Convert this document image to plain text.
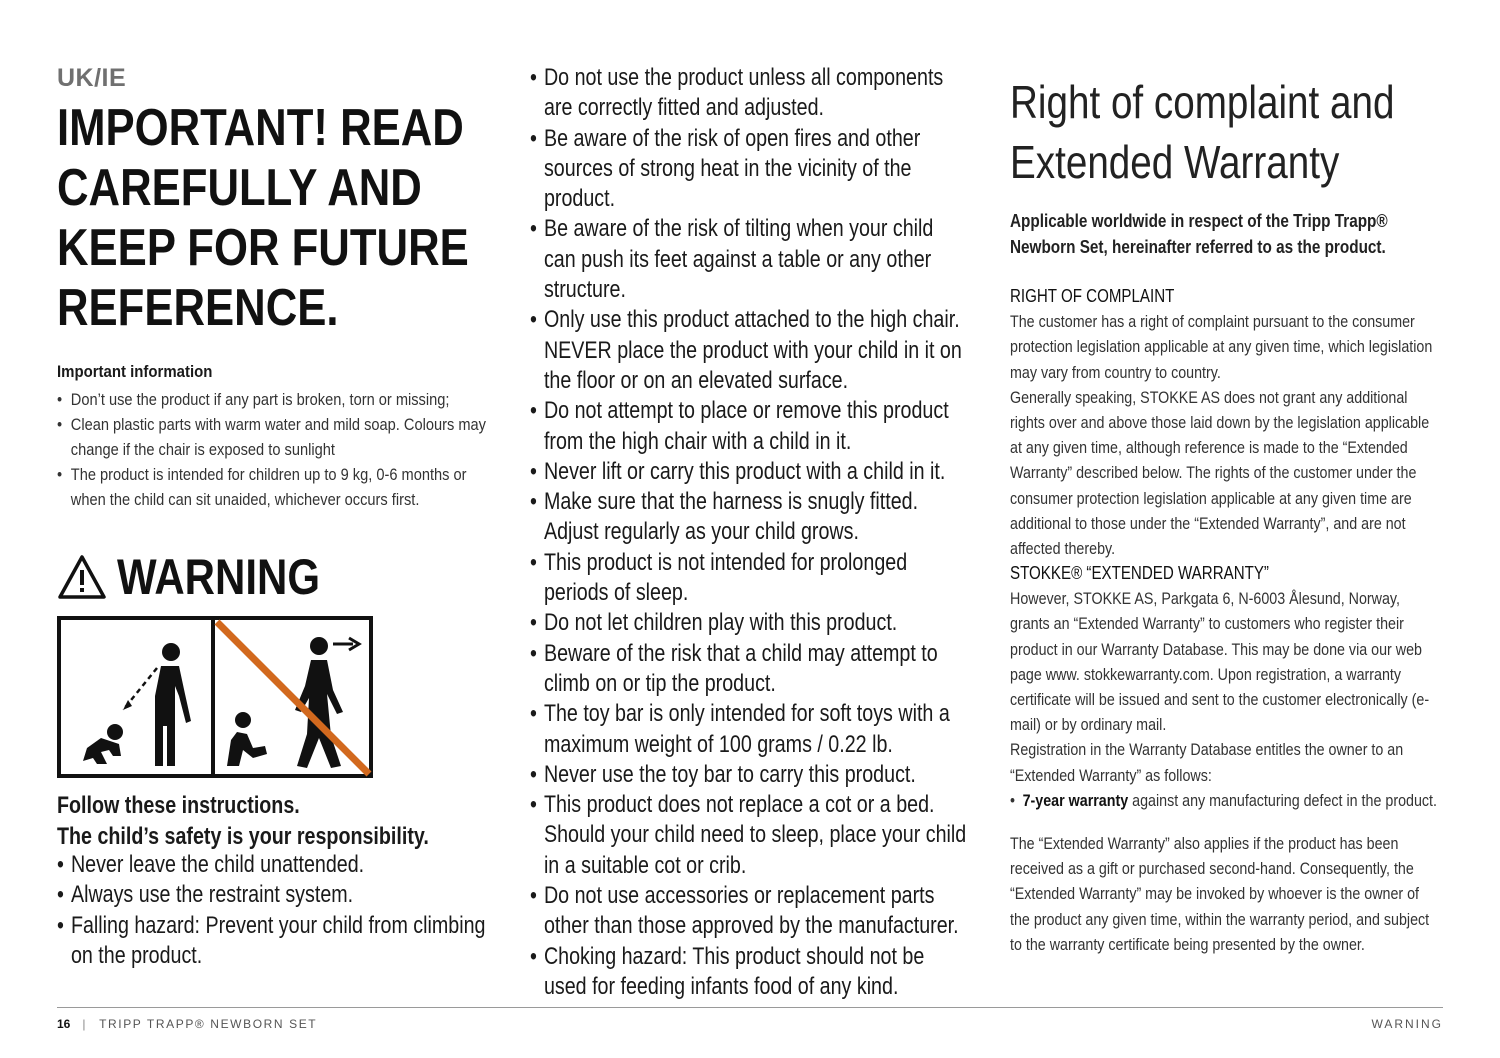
UK/IE
IMPORTANT! READ
CAREFULLY AND
KEEP FOR FUTURE
REFERENCE.
Important information
• Don’t use the product if any part is broken, torn or missing;
• Clean plastic parts with warm water and mild soap. Colours may change if the chair is exposed to sunlight
• The product is intended for children up to 9 kg, 0-6 months or when the child can sit unaided, whichever occurs first.
WARNING
Follow these instructions.
The child’s safety is your responsibility.
• Never leave the child unattended.
• Always use the restraint system.
• Falling hazard: Prevent your child from climbing on the product.
• Do not use the product unless all components are correctly fitted and adjusted.
• Be aware of the risk of open fires and other sources of strong heat in the vicinity of the product.
• Be aware of the risk of tilting when your child can push its feet against a table or any other structure.
• Only use this product attached to the high chair. NEVER place the product with your child in it on the floor or on an elevated surface.
• Do not attempt to place or remove this product from the high chair with a child in it.
• Never lift or carry this product with a child in it.
• Make sure that the harness is snugly fitted. Adjust regularly as your child grows.
• This product is not intended for prolonged periods of sleep.
• Do not let children play with this product.
• Beware of the risk that a child may attempt to climb on or tip the product.
• The toy bar is only intended for soft toys with a maximum weight of 100 grams / 0.22 lb.
• Never use the toy bar to carry this product.
• This product does not replace a cot or a bed. Should your child need to sleep, place your child in a suitable cot or crib.
• Do not use accessories or replacement parts other than those approved by the manufacturer.
• Choking hazard: This product should not be used for feeding infants food of any kind.
Right of complaint and
Extended Warranty

Applicable worldwide in respect of the Tripp Trapp® Newborn Set, hereinafter referred to as the product.

RIGHT OF COMPLAINT

The customer has a right of complaint pursuant to the consumer protection legislation applicable at any given time, which legislation may vary from country to country.

Generally speaking, STOKKE AS does not grant any additional rights over and above those laid down by the legislation applicable at any given time, although reference is made to the “Extended Warranty” described below. The rights of the customer under the consumer protection legislation applicable at any given time are additional to those under the “Extended Warranty”, and are not affected thereby.

STOKKE® “EXTENDED WARRANTY”

However, STOKKE AS, Parkgata 6, N-6003 Ålesund, Norway, grants an “Extended Warranty” to customers who register their product in our Warranty Database. This may be done via our web page www. stokkewarranty.com. Upon registration, a warranty certificate will be issued and sent to the customer electronically (e-mail) or by ordinary mail.

Registration in the Warranty Database entitles the owner to an “Extended Warranty” as follows:

• 7-year warranty against any manufacturing defect in the product.

The “Extended Warranty” also applies if the product has been received as a gift or purchased second-hand. Consequently, the “Extended Warranty” may be invoked by whoever is the owner of the product any given time, within the warranty period, and subject to the warranty certificate being presented by the owner.

16 | TRIPP TRAPP® NEWBORN SET	WARNING
